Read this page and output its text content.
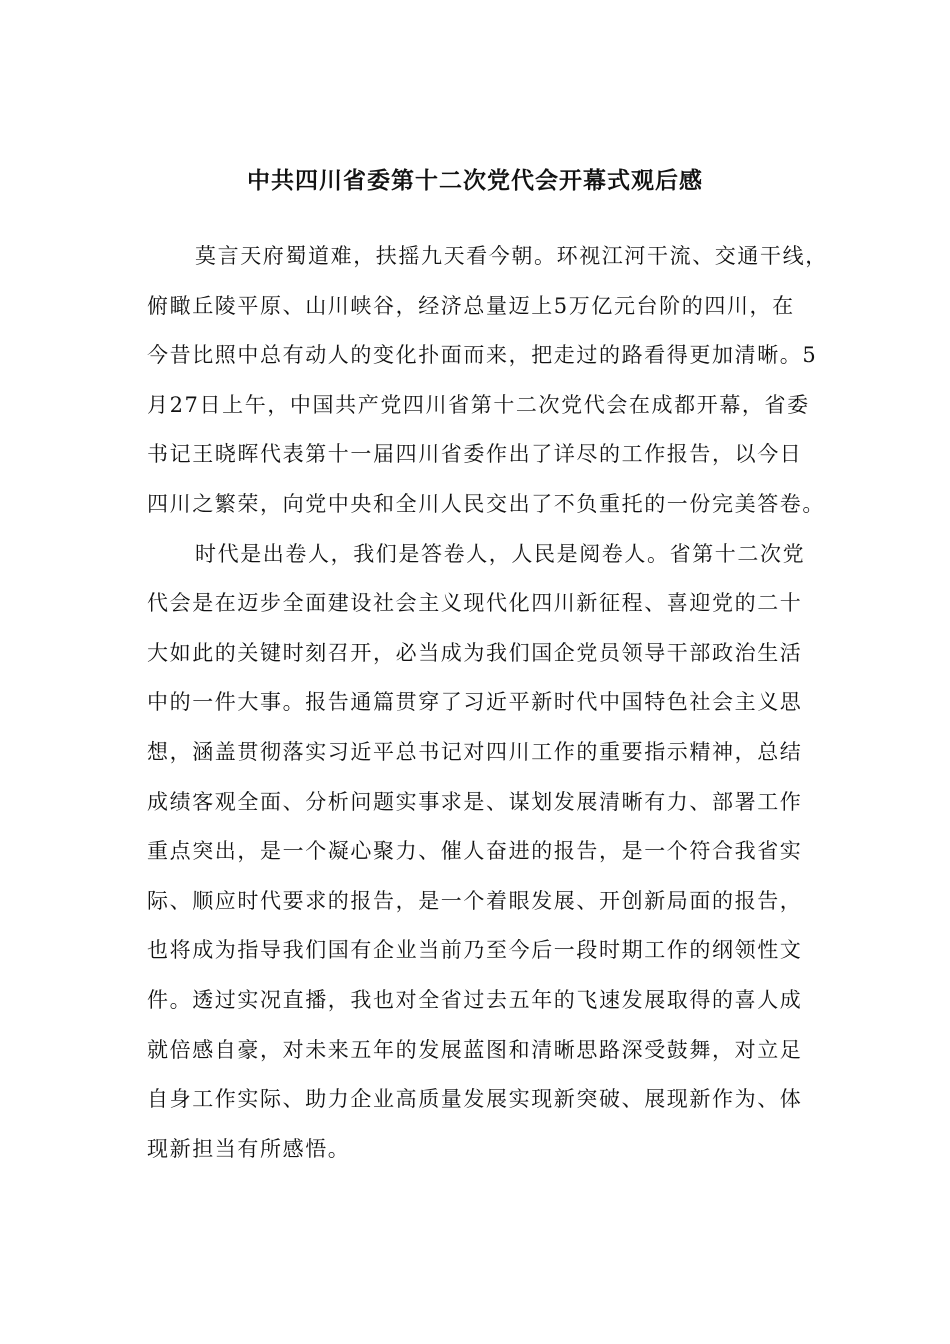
中共四川省委第十二次党代会开幕式观后感
莫言天府蜀道难，扶摇九天看今朝。环视江河干流、交通干线，
俯瞰丘陵平原、山川峡谷，经济总量迈上5万亿元台阶的四川，在
今昔比照中总有动人的变化扑面而来，把走过的路看得更加清晰。5
月27日上午，中国共产党四川省第十二次党代会在成都开幕，省委
书记王晓晖代表第十一届四川省委作出了详尽的工作报告，以今日
四川之繁荣，向党中央和全川人民交出了不负重托的一份完美答卷。
时代是出卷人，我们是答卷人，人民是阅卷人。省第十二次党
代会是在迈步全面建设社会主义现代化四川新征程、喜迎党的二十
大如此的关键时刻召开，必当成为我们国企党员领导干部政治生活
中的一件大事。报告通篇贯穿了习近平新时代中国特色社会主义思
想，涵盖贯彻落实习近平总书记对四川工作的重要指示精神，总结
成绩客观全面、分析问题实事求是、谋划发展清晰有力、部署工作
重点突出，是一个凝心聚力、催人奋进的报告，是一个符合我省实
际、顺应时代要求的报告，是一个着眼发展、开创新局面的报告，
也将成为指导我们国有企业当前乃至今后一段时期工作的纲领性文
件。透过实况直播，我也对全省过去五年的飞速发展取得的喜人成
就倍感自豪，对未来五年的发展蓝图和清晰思路深受鼓舞，对立足
自身工作实际、助力企业高质量发展实现新突破、展现新作为、体
现新担当有所感悟。
